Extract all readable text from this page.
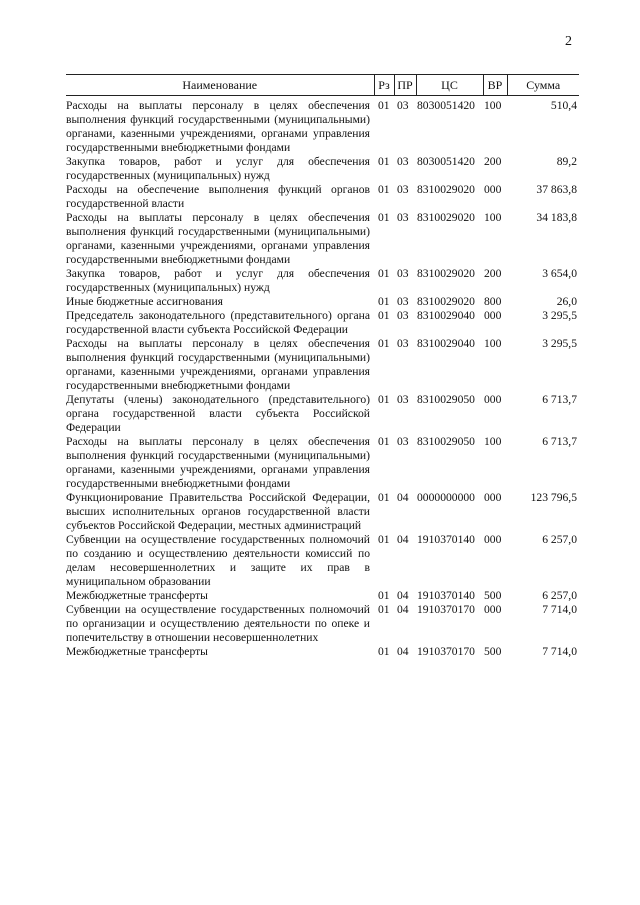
2
Наименование	Рз	ПР	ЦС	ВР	Сумма
Расходы на выплаты персоналу в целях обеспечения выполнения функций государственными (муниципальными) органами, казенными учреждениями, органами управления государственными внебюджетными фондами	01	03	8030051420	100	510,4
Закупка товаров, работ и услуг для обеспечения государственных (муниципальных) нужд	01	03	8030051420	200	89,2
Расходы на обеспечение выполнения функций органов государственной власти	01	03	8310029020	000	37 863,8
Расходы на выплаты персоналу в целях обеспечения выполнения функций государственными (муниципальными) органами, казенными учреждениями, органами управления государственными внебюджетными фондами	01	03	8310029020	100	34 183,8
Закупка товаров, работ и услуг для обеспечения государственных (муниципальных) нужд	01	03	8310029020	200	3 654,0
Иные бюджетные ассигнования	01	03	8310029020	800	26,0
Председатель законодательного (представительного) органа государственной власти субъекта Российской Федерации	01	03	8310029040	000	3 295,5
Расходы на выплаты персоналу в целях обеспечения выполнения функций государственными (муниципальными) органами, казенными учреждениями, органами управления государственными внебюджетными фондами	01	03	8310029040	100	3 295,5
Депутаты (члены) законодательного (представительного) органа государственной власти субъекта Российской Федерации	01	03	8310029050	000	6 713,7
Расходы на выплаты персоналу в целях обеспечения выполнения функций государственными (муниципальными) органами, казенными учреждениями, органами управления государственными внебюджетными фондами	01	03	8310029050	100	6 713,7
Функционирование Правительства Российской Федерации, высших исполнительных органов государственной власти субъектов Российской Федерации, местных администраций	01	04	0000000000	000	123 796,5
Субвенции на осуществление государственных полномочий по созданию и осуществлению деятельности комиссий по делам несовершеннолетних и защите их прав в муниципальном образовании	01	04	1910370140	000	6 257,0
Межбюджетные трансферты	01	04	1910370140	500	6 257,0
Субвенции на осуществление государственных полномочий по организации и осуществлению деятельности по опеке и попечительству в отношении несовершеннолетних	01	04	1910370170	000	7 714,0
Межбюджетные трансферты	01	04	1910370170	500	7 714,0
